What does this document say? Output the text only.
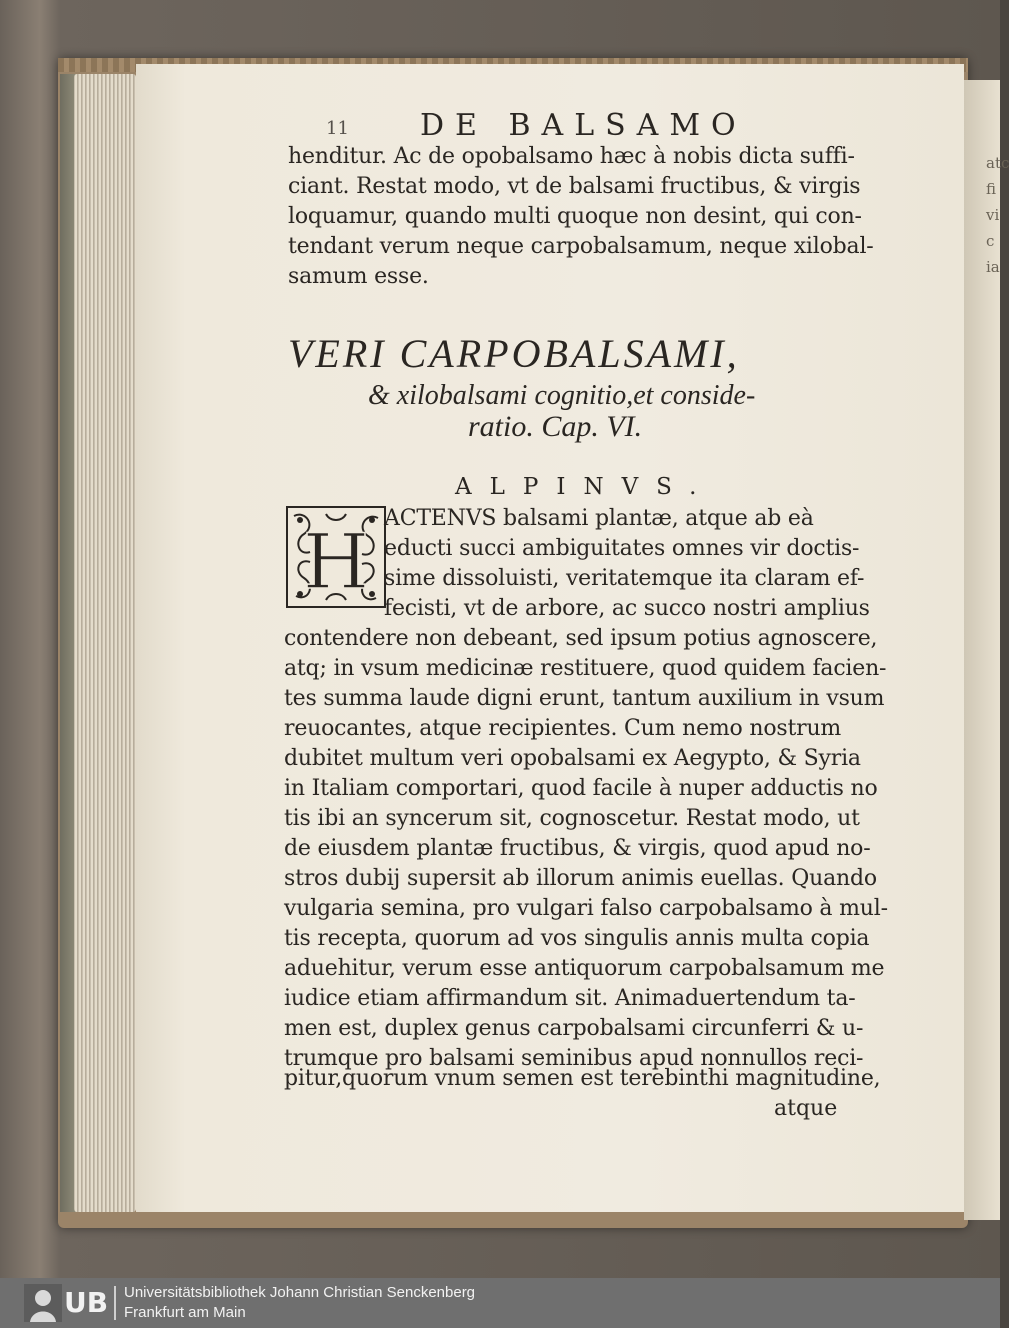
atc
fi
vi
c
ia
11 DE BALSAMO
henditur. Ac de opobalsamo hæc à nobis dicta suffi-
ciant. Restat modo, vt de balsami fructibus, & virgis
loquamur, quando multi quoque non desint, qui con-
tendant verum neque carpobalsamum, neque xilobal-
samum esse.
VERI CARPOBALSAMI,
& xilobalsami cognitio,et conside-
ratio. Cap. VI.
ALPINVS.
H ACTENVS balsami plantæ, atque ab eà
educti succi ambiguitates omnes vir doctis-
sime dissoluisti, veritatemque ita claram ef-
fecisti, vt de arbore, ac succo nostri amplius
contendere non debeant, sed ipsum potius agnoscere,
atq; in vsum medicinæ restituere, quod quidem facien-
tes summa laude digni erunt, tantum auxilium in vsum
reuocantes, atque recipientes. Cum nemo nostrum
dubitet multum veri opobalsami ex Aegypto, & Syria
in Italiam comportari, quod facile à nuper adductis no
tis ibi an syncerum sit, cognoscetur. Restat modo, ut
de eiusdem plantæ fructibus, & virgis, quod apud no-
stros dubij supersit ab illorum animis euellas. Quando
vulgaria semina, pro vulgari falso carpobalsamo à mul-
tis recepta, quorum ad vos singulis annis multa copia
aduehitur, verum esse antiquorum carpobalsamum me
iudice etiam affirmandum sit. Animaduertendum ta-
men est, duplex genus carpobalsami circunferri & u-
trumque pro balsami seminibus apud nonnullos reci-
pitur,quorum vnum semen est terebinthi magnitudine,
atque
UB Universitätsbibliothek Johann Christian Senckenberg
Frankfurt am Main
